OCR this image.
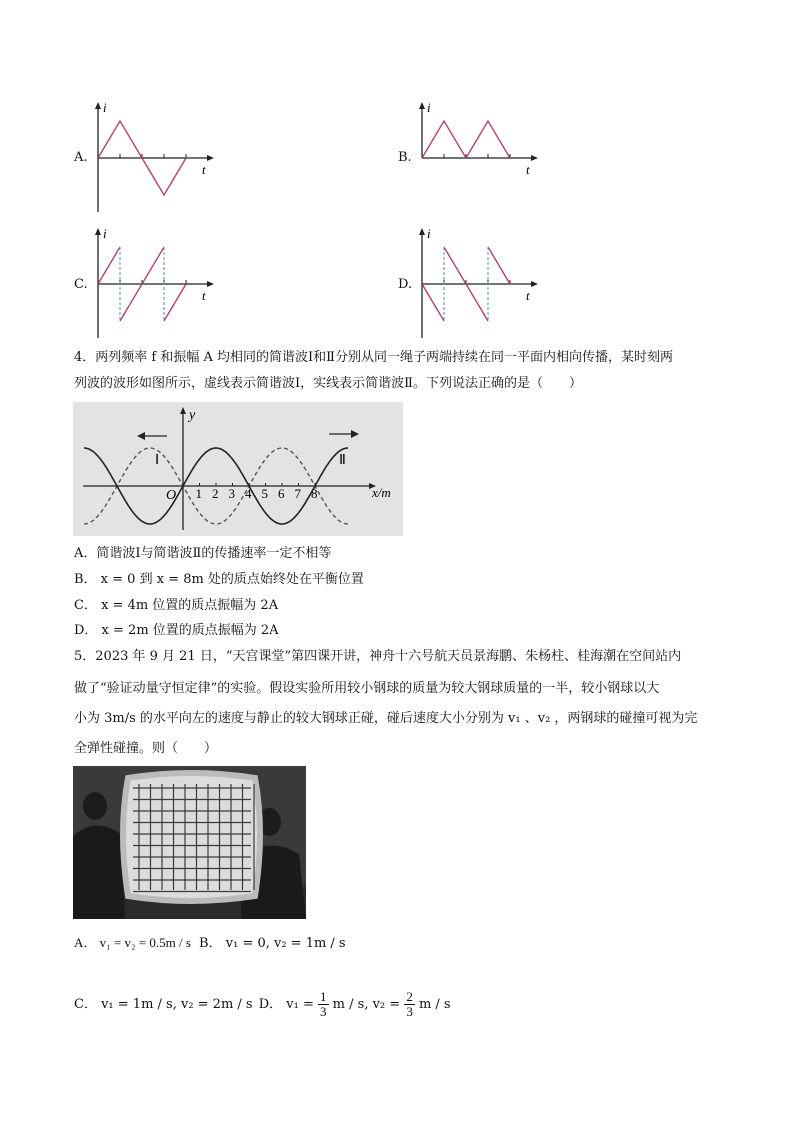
A.
i
t
B.
i
t
C.
i
t
D.
i
t
4．两列频率 f 和振幅 A 均相同的简谐波Ⅰ和Ⅱ分别从同一绳子两端持续在同一平面内相向传播，某时刻两
列波的波形如图所示，虚线表示简谐波Ⅰ，实线表示简谐波Ⅱ。下列说法正确的是（　　）
y
x/m
O 1 2 3 4 5 6 7 8
Ⅰ	Ⅱ
A．简谐波Ⅰ与简谐波Ⅱ的传播速率一定不相等
B． x = 0 到 x = 8m 处的质点始终处在平衡位置
C． x = 4m 位置的质点振幅为 2A
D． x = 2m 位置的质点振幅为 2A
5．2023 年 9 月 21 日，“天宫课堂”第四课开讲，神舟十六号航天员景海鹏、朱杨柱、桂海潮在空间站内
做了“验证动量守恒定律”的实验。假设实验所用较小钢球的质量为较大钢球质量的一半，较小钢球以大
小为 3m/s 的水平向左的速度与静止的较大钢球正碰，碰后速度大小分别为 v₁ 、v₂ ，两钢球的碰撞可视为完
全弹性碰撞。则（　　）
A． v₁ = v₂ = 0.5m / s B． v₁ = 0, v₂ = 1m / s
C． v₁ = 1m / s, v₂ = 2m / s D． $v_1 = \frac{1}{3}$ m / s, $v_2 = \frac{2}{3}$ m / s
